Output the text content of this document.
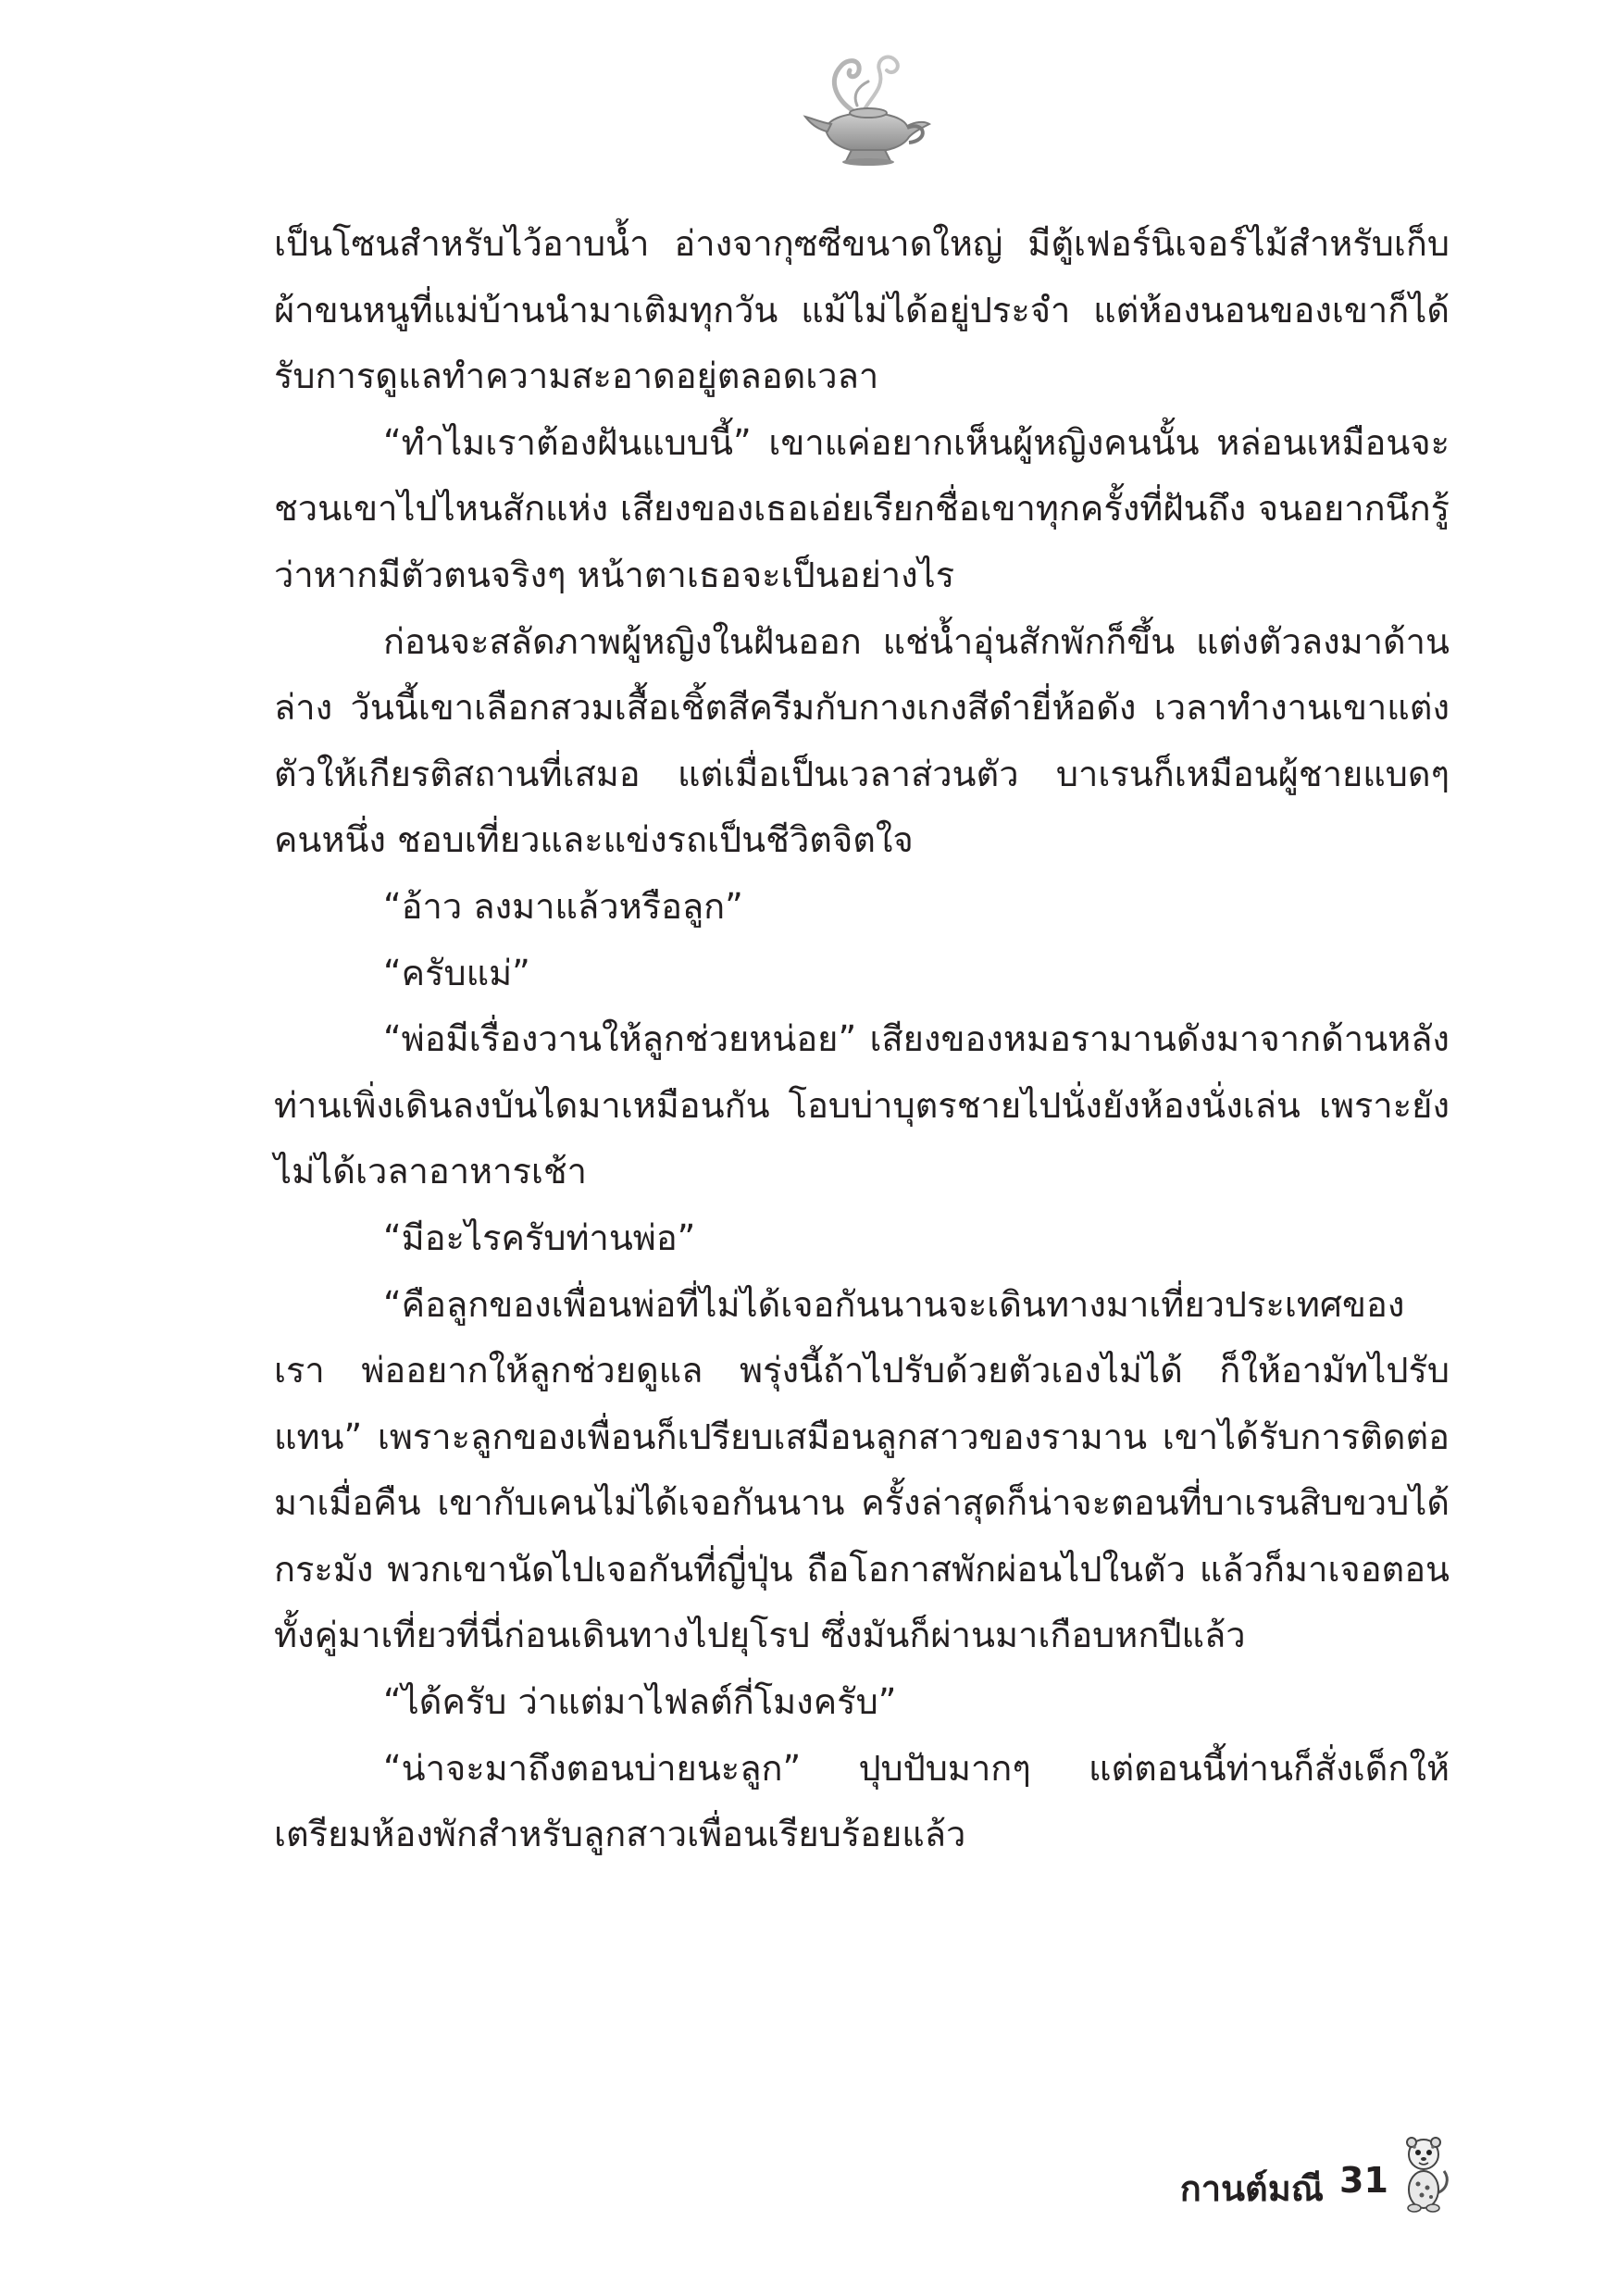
เป็นโซนสำหรับไว้อาบน้ำ อ่างจากุซซีขนาดใหญ่ มีตู้เฟอร์นิเจอร์ไม้สำหรับเก็บผ้าขนหนูที่แม่บ้านนำมาเติมทุกวัน แม้ไม่ได้อยู่ประจำ แต่ห้องนอนของเขาก็ได้รับการดูแลทำความสะอาดอยู่ตลอดเวลา

“ทำไมเราต้องฝันแบบนี้” เขาแค่อยากเห็นผู้หญิงคนนั้น หล่อนเหมือนจะชวนเขาไปไหนสักแห่ง เสียงของเธอเอ่ยเรียกชื่อเขาทุกครั้งที่ฝันถึง จนอยากนึกรู้ว่าหากมีตัวตนจริงๆ หน้าตาเธอจะเป็นอย่างไร

ก่อนจะสลัดภาพผู้หญิงในฝันออก แช่น้ำอุ่นสักพักก็ขึ้น แต่งตัวลงมาด้านล่าง วันนี้เขาเลือกสวมเสื้อเชิ้ตสีครีมกับกางเกงสีดำยี่ห้อดัง เวลาทำงานเขาแต่งตัวให้เกียรติสถานที่เสมอ แต่เมื่อเป็นเวลาส่วนตัว บาเรนก็เหมือนผู้ชายแบดๆ คนหนึ่ง ชอบเที่ยวและแข่งรถเป็นชีวิตจิตใจ

“อ้าว ลงมาแล้วหรือลูก”

“ครับแม่”

“พ่อมีเรื่องวานให้ลูกช่วยหน่อย” เสียงของหมอรามานดังมาจากด้านหลัง ท่านเพิ่งเดินลงบันไดมาเหมือนกัน โอบบ่าบุตรชายไปนั่งยังห้องนั่งเล่น เพราะยังไม่ได้เวลาอาหารเช้า

“มีอะไรครับท่านพ่อ”

“คือลูกของเพื่อนพ่อที่ไม่ได้เจอกันนานจะเดินทางมาเที่ยวประเทศของเรา พ่ออยากให้ลูกช่วยดูแล พรุ่งนี้ถ้าไปรับด้วยตัวเองไม่ได้ ก็ให้อามัทไปรับแทน” เพราะลูกของเพื่อนก็เปรียบเสมือนลูกสาวของรามาน เขาได้รับการติดต่อมาเมื่อคืน เขากับเคนไม่ได้เจอกันนาน ครั้งล่าสุดก็น่าจะตอนที่บาเรนสิบขวบได้กระมัง พวกเขานัดไปเจอกันที่ญี่ปุ่น ถือโอกาสพักผ่อนไปในตัว แล้วก็มาเจอตอนทั้งคู่มาเที่ยวที่นี่ก่อนเดินทางไปยุโรป ซึ่งมันก็ผ่านมาเกือบหกปีแล้ว

“ได้ครับ ว่าแต่มาไฟลต์กี่โมงครับ”

“น่าจะมาถึงตอนบ่ายนะลูก” ปุบปับมากๆ แต่ตอนนี้ท่านก็สั่งเด็กให้เตรียมห้องพักสำหรับลูกสาวเพื่อนเรียบร้อยแล้ว

กานต์มณี 31
